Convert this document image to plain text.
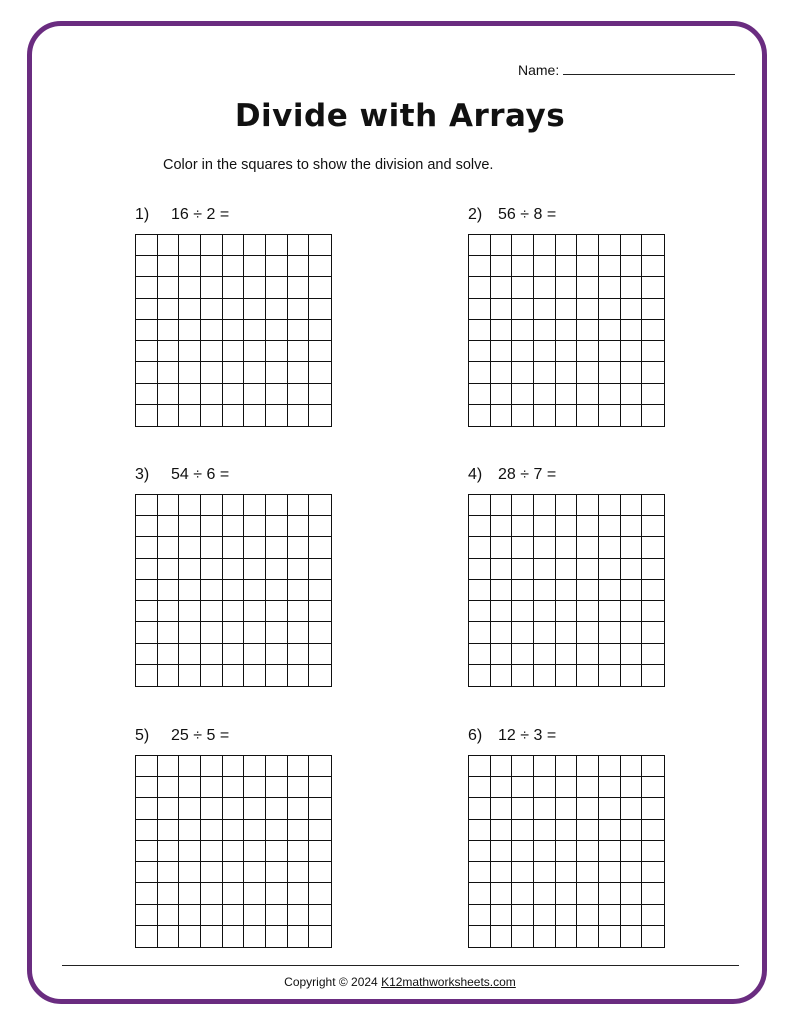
Name:
Divide with Arrays
Color in the squares to show the division and solve.
1) 16 ÷ 2 =	2) 56 ÷ 8 =
3) 54 ÷ 6 =	4) 28 ÷ 7 =
5) 25 ÷ 5 =	6) 12 ÷ 3 =
Copyright © 2024 K12mathworksheets.com
